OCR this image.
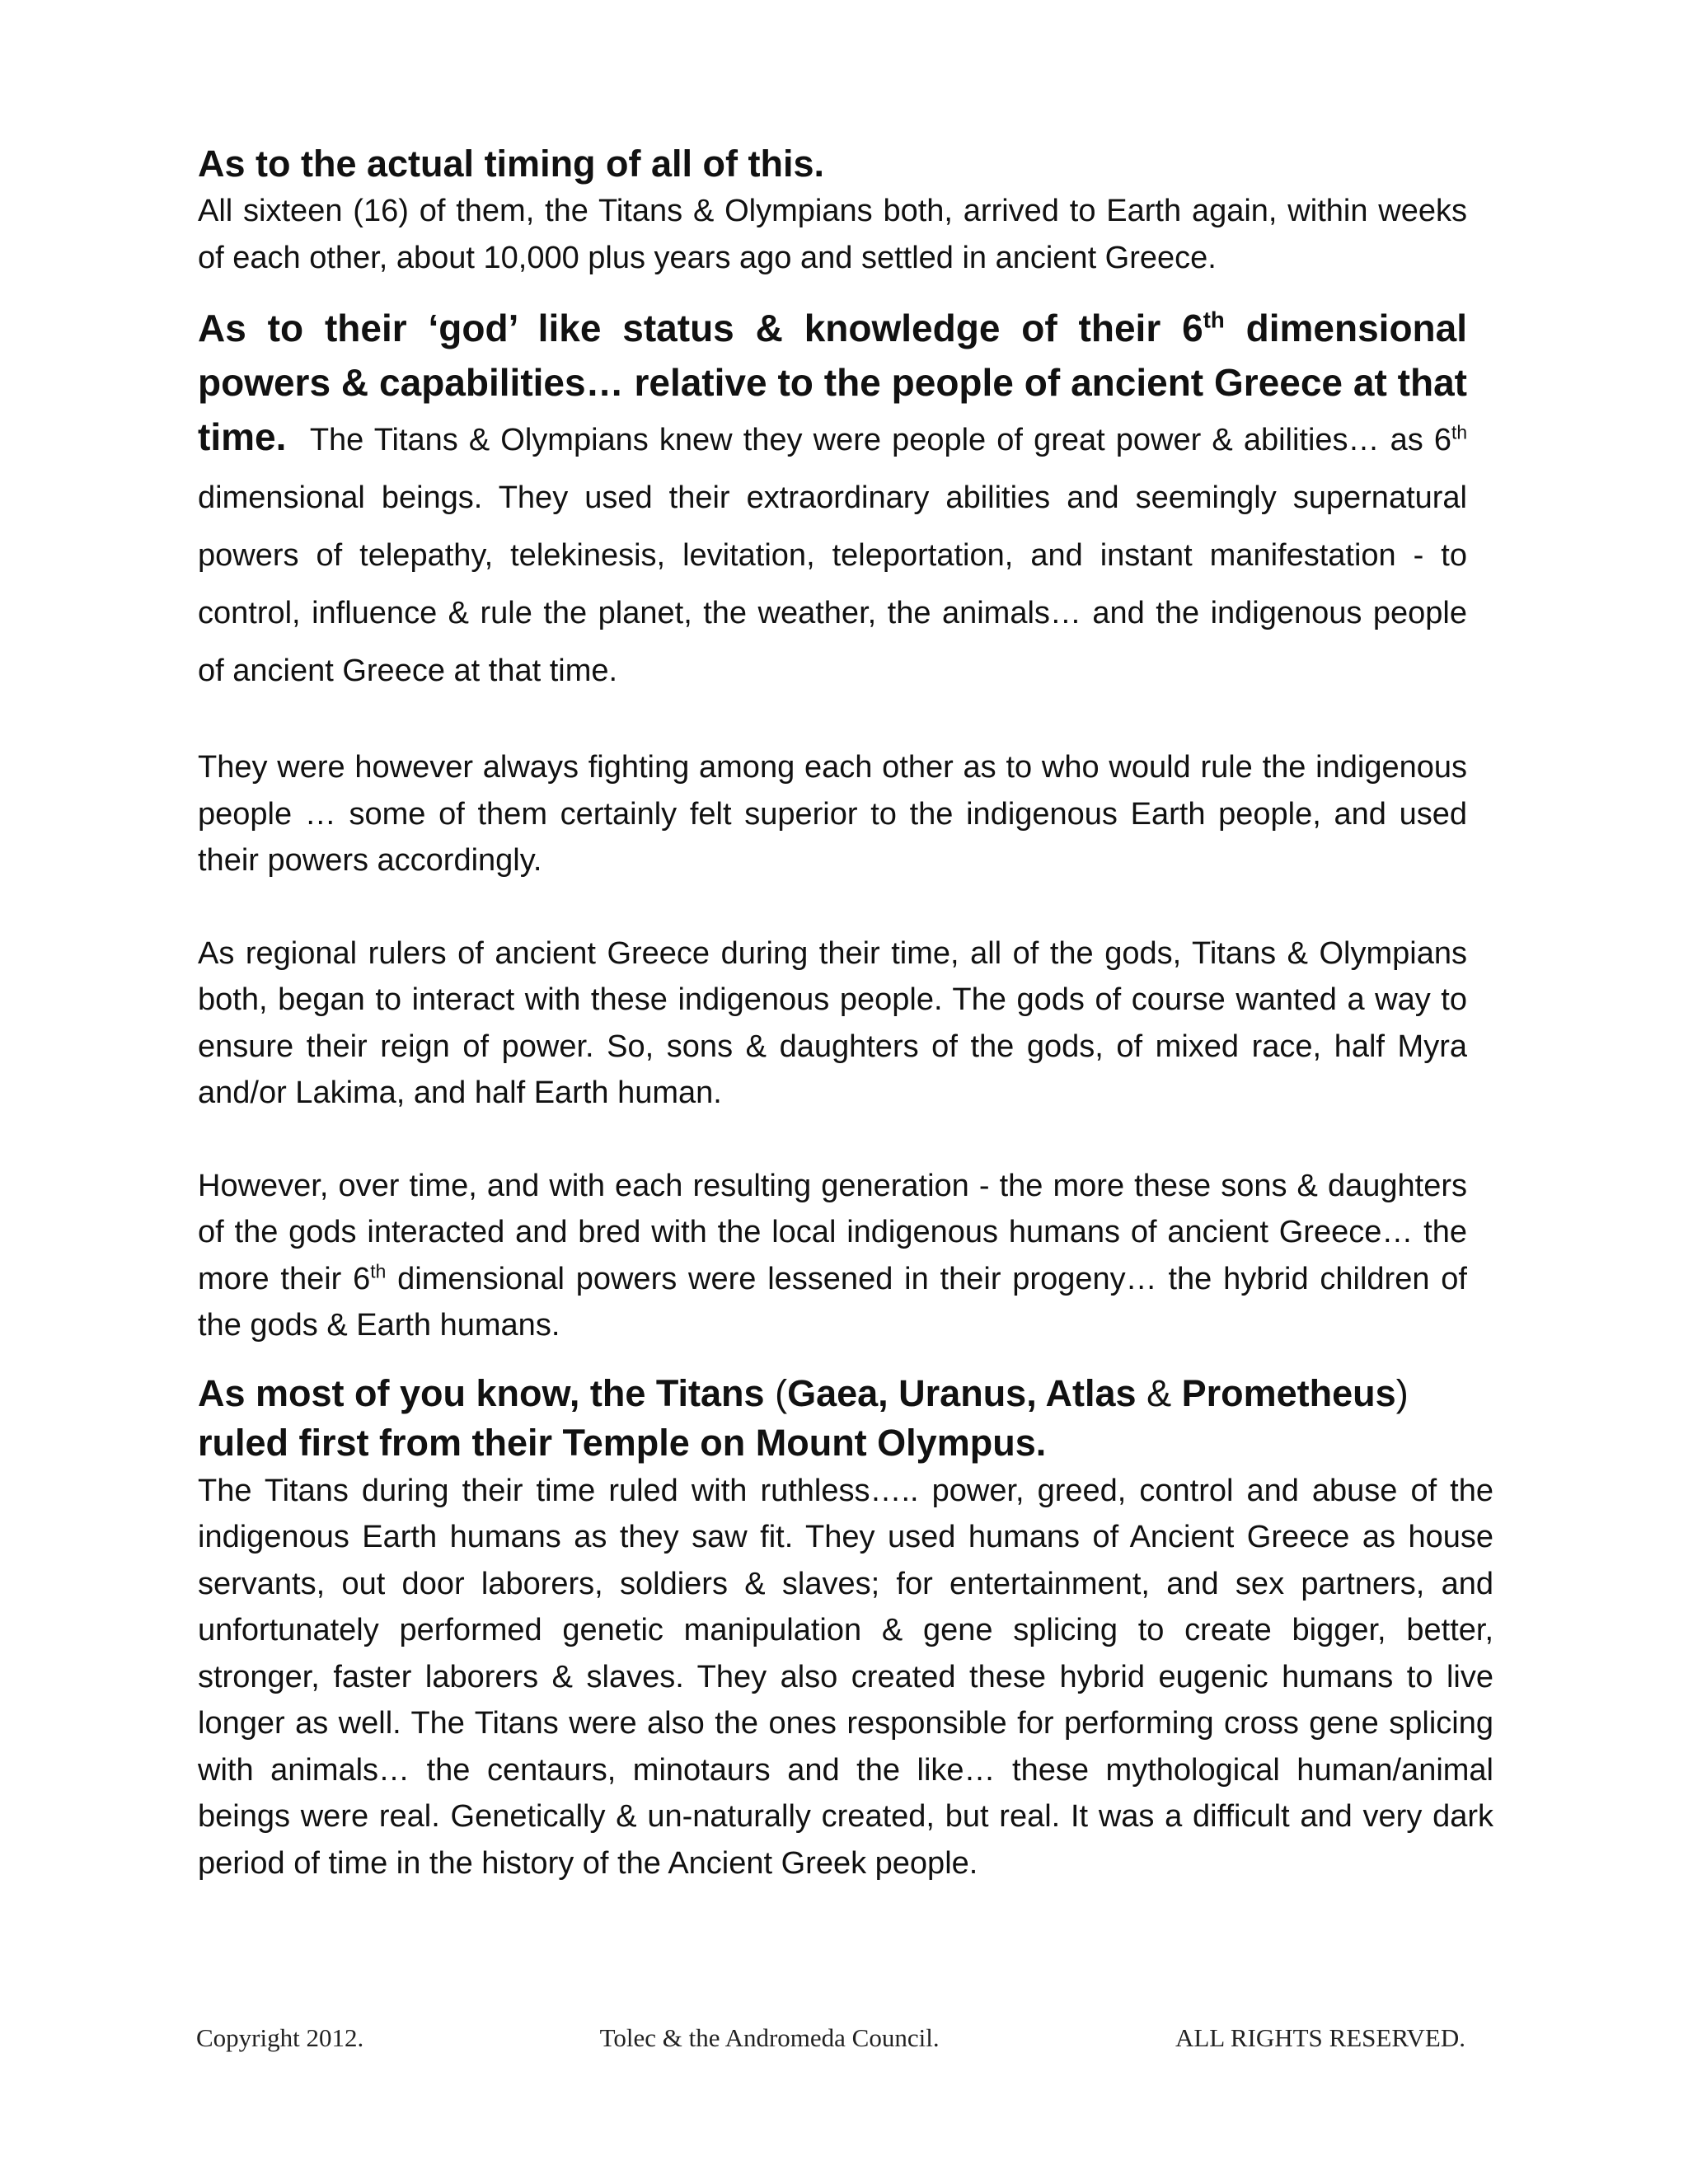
As to the actual timing of all of this.

All sixteen (16) of them, the Titans & Olympians both, arrived to Earth again, within weeks of each other, about 10,000 plus years ago and settled in ancient Greece.

As to their ‘god’ like status & knowledge of their 6th dimensional powers & capabilities… relative to the people of ancient Greece at that time. The Titans & Olympians knew they were people of great power & abilities… as 6th dimensional beings. They used their extraordinary abilities and seemingly supernatural powers of telepathy, telekinesis, levitation, teleportation, and instant manifestation - to control, influence & rule the planet, the weather, the animals… and the indigenous people of ancient Greece at that time.

They were however always fighting among each other as to who would rule the indigenous people … some of them certainly felt superior to the indigenous Earth people, and used their powers accordingly.

As regional rulers of ancient Greece during their time, all of the gods, Titans & Olympians both, began to interact with these indigenous people. The gods of course wanted a way to ensure their reign of power. So, sons & daughters of the gods, of mixed race, half Myra and/or Lakima, and half Earth human.

However, over time, and with each resulting generation - the more these sons & daughters of the gods interacted and bred with the local indigenous humans of ancient Greece… the more their 6th dimensional powers were lessened in their progeny… the hybrid children of the gods & Earth humans.

As most of you know, the Titans (Gaea, Uranus, Atlas & Prometheus)
ruled first from their Temple on Mount Olympus.

The Titans during their time ruled with ruthless….. power, greed, control and abuse of the indigenous Earth humans as they saw fit. They used humans of Ancient Greece as house servants, out door laborers, soldiers & slaves; for entertainment, and sex partners, and unfortunately performed genetic manipulation & gene splicing to create bigger, better, stronger, faster laborers & slaves. They also created these hybrid eugenic humans to live longer as well. The Titans were also the ones responsible for performing cross gene splicing with animals… the centaurs, minotaurs and the like… these mythological human/animal beings were real. Genetically & un-naturally created, but real. It was a difficult and very dark period of time in the history of the Ancient Greek people.

Copyright 2012.	Tolec & the Andromeda Council.	ALL RIGHTS RESERVED.
